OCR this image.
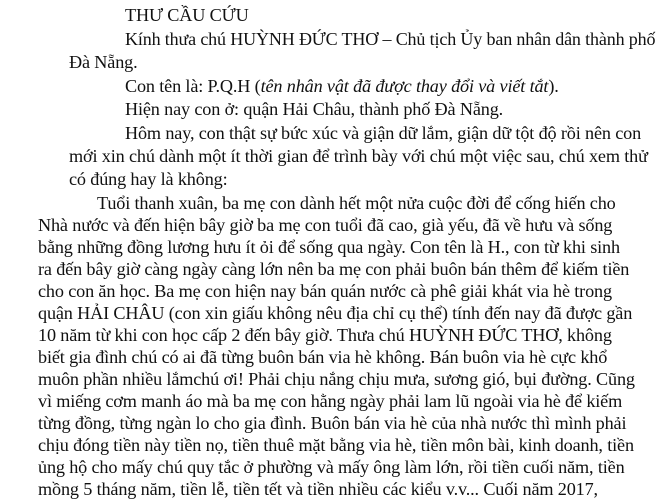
THƯ CẦU CỨU
Kính thưa chú HUỲNH ĐỨC THƠ – Chủ tịch Ủy ban nhân dân thành phố
Đà Nẵng.
Con tên là: P.Q.H (tên nhân vật đã được thay đổi và viết tắt).
Hiện nay con ở: quận Hải Châu, thành phố Đà Nẵng.
Hôm nay, con thật sự bức xúc và giận dữ lắm, giận dữ tột độ rồi nên con
mới xin chú dành một ít thời gian để trình bày với chú một việc sau, chú xem thử
có đúng hay là không:
Tuổi thanh xuân, ba mẹ con dành hết một nửa cuộc đời để cống hiến cho
Nhà nước và đến hiện bây giờ ba mẹ con tuổi đã cao, già yếu, đã về hưu và sống
bằng những đồng lương hưu ít ỏi để sống qua ngày. Con tên là H., con từ khi sinh
ra đến bây giờ càng ngày càng lớn nên ba mẹ con phải buôn bán thêm để kiếm tiền
cho con ăn học. Ba mẹ con hiện nay bán quán nước cà phê giải khát via hè trong
quận HẢI CHÂU (con xin giấu không nêu địa chỉ cụ thể) tính đến nay đã được gần
10 năm từ khi con học cấp 2 đến bây giờ. Thưa chú HUỲNH ĐỨC THƠ, không
biết gia đình chú có ai đã từng buôn bán via hè không. Bán buôn via hè cực khổ
muôn phần nhiều lắmchú ơi! Phải chịu nắng chịu mưa, sương gió, bụi đường. Cũng
vì miếng cơm manh áo mà ba mẹ con hằng ngày phải lam lũ ngoài via hè để kiếm
từng đồng, từng ngàn lo cho gia đình. Buôn bán via hè của nhà nước thì mình phải
chịu đóng tiền này tiền nọ, tiền thuê mặt bằng via hè, tiền môn bài, kinh doanh, tiền
ủng hộ cho mấy chú quy tắc ở phường và mấy ông làm lớn, rồi tiền cuối năm, tiền
mồng 5 tháng năm, tiền lễ, tiền tết và tiền nhiều các kiểu v.v... Cuối năm 2017,
